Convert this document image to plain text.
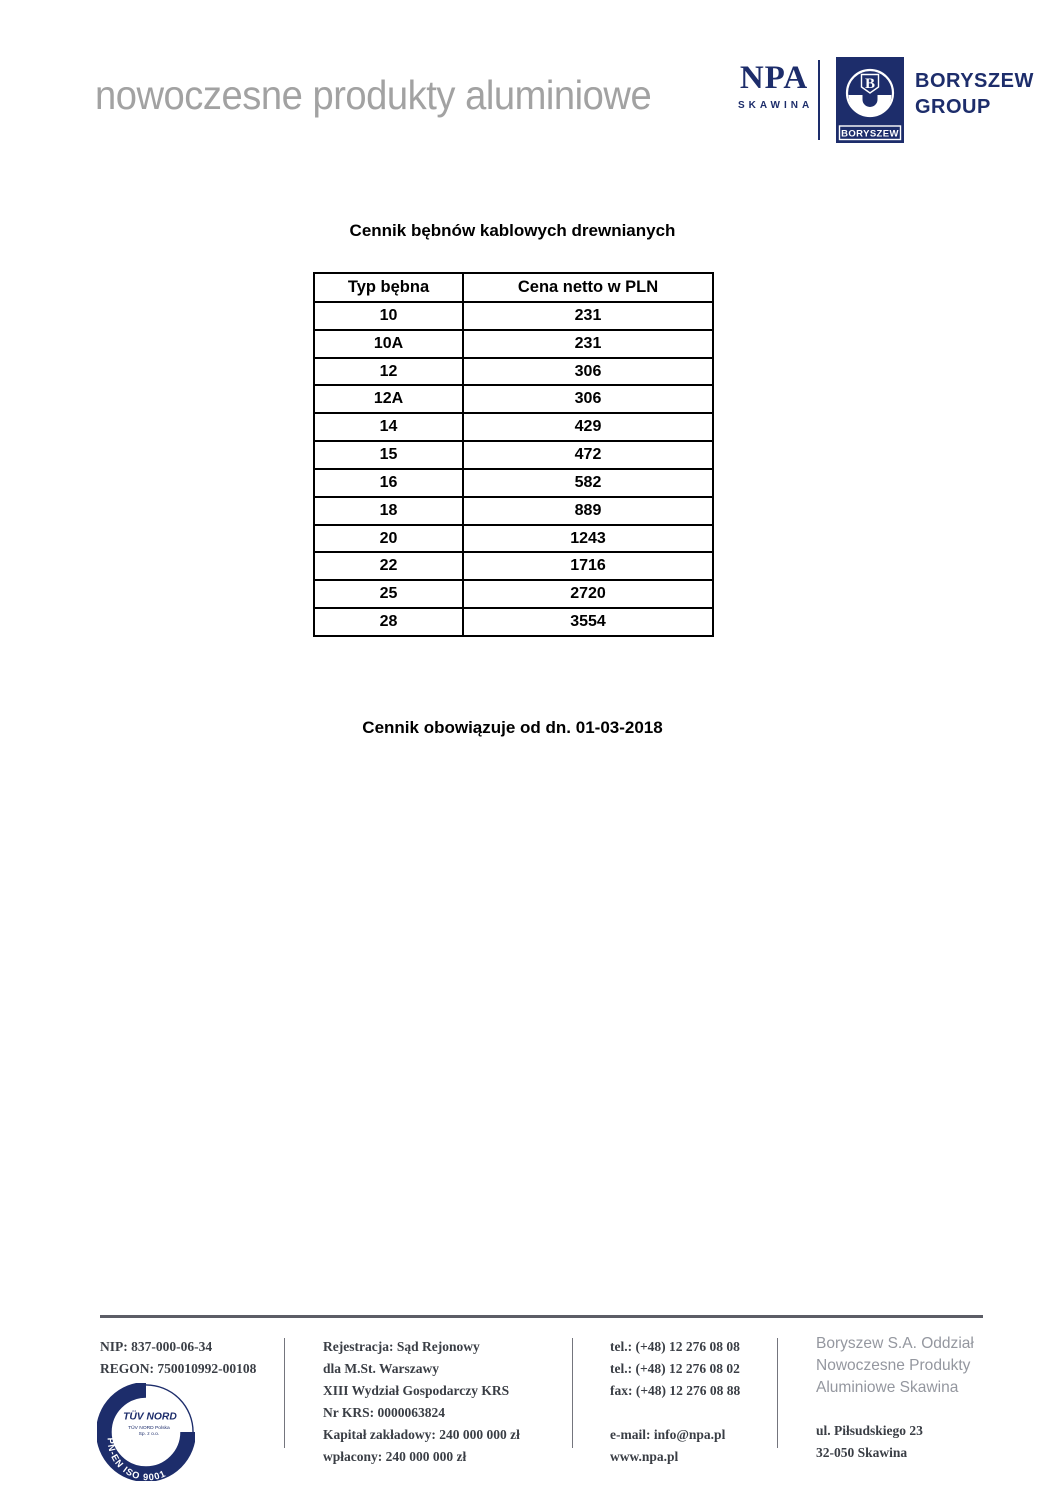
nowoczesne produkty aluminiowe	NPA
SKAWINA
B
BORYSZEW
BORYSZEW
GROUP
Cennik bębnów kablowych drewnianych
Typ bębna	Cena netto w PLN
10	231
10A	231
12	306
12A	306
14	429
15	472
16	582
18	889
20	1243
22	1716
25	2720
28	3554
Cennik obowiązuje od dn. 01-03-2018
NIP: 837-000-06-34
REGON: 750010992-00108
TÜV NORD
TÜV NORD Polska
Sp. z o.o.
PN-EN ISO 9001
Rejestracja: Sąd Rejonowy
dla M.St. Warszawy
XIII Wydział Gospodarczy KRS
Nr KRS: 0000063824
Kapitał zakładowy: 240 000 000 zł
wpłacony: 240 000 000 zł
tel.: (+48) 12 276 08 08
tel.: (+48) 12 276 08 02
fax: (+48) 12 276 08 88
e-mail: info@npa.pl
www.npa.pl
Boryszew S.A. Oddział
Nowoczesne Produkty
Aluminiowe Skawina
ul. Piłsudskiego 23
32-050 Skawina
